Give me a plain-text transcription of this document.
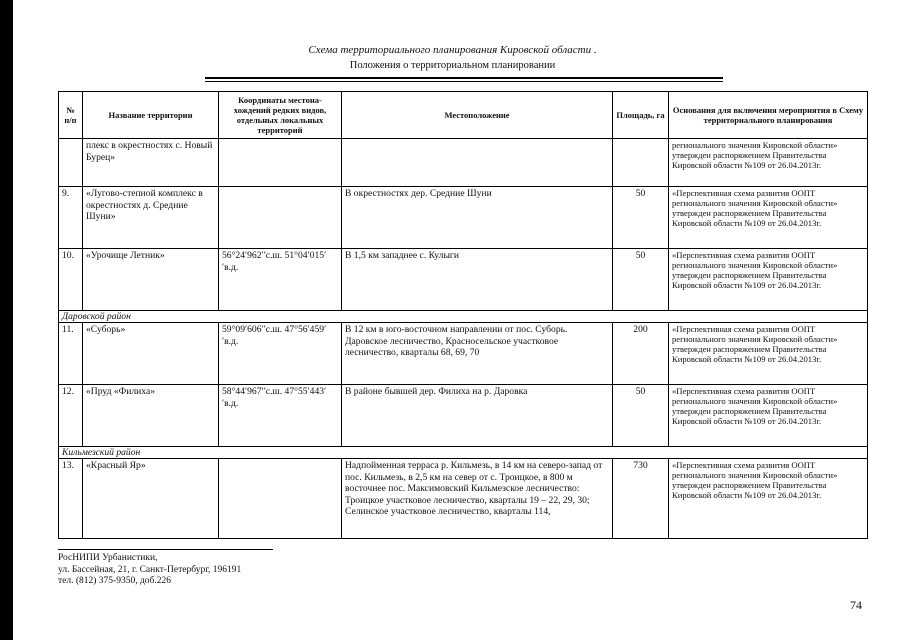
Схема территориального планирования Кировской области .
Положения о территориальном планировании
№ п/п	Название территории	Координаты местона-хождений редких видов, отдельных локальных территорий	Местоположение	Площадь, га	Основания для включения мероприятия в Схему территориального планирования
	плекс в окрестностях с. Новый Бурец»				регионального значения Кировской области» утвержден распоряжением Правительства Кировской области №109 от 26.04.2013г.
9.	«Лугово-степной комплекс в окрестностях д. Средние Шуни»		В окрестностях дер. Средние Шуни	50	«Перспективная схема развития ООПТ регионального значения Кировской области» утвержден распоряжением Правительства Кировской области №109 от 26.04.2013г.
10.	«Урочище Летник»	56°24′962′′с.ш. 51°04′015′′в.д.	В 1,5 км западнее с. Кулыги	50	«Перспективная схема развития ООПТ регионального значения Кировской области» утвержден распоряжением Правительства Кировской области №109 от 26.04.2013г.
Даровской район					
11.	«Суборь»	59°09′606′′с.ш. 47°56′459′′в.д.	В 12 км в юго-восточном направлении от пос. Суборь. Даровское лесничество, Красносельское участковое лесничество, кварталы 68, 69, 70	200	«Перспективная схема развития ООПТ регионального значения Кировской области» утвержден распоряжением Правительства Кировской области №109 от 26.04.2013г.
12.	«Пруд «Филиха»	58°44′967′′с.ш. 47°55′443′′в.д.	В районе бывшей дер. Филиха на р. Даровка	50	«Перспективная схема развития ООПТ регионального значения Кировской области» утвержден распоряжением Правительства Кировской области №109 от 26.04.2013г.
Кильмезский район					
13.	«Красный Яр»		Надпойменная терраса р. Кильмезь, в 14 км на северо-запад от пос. Кильмезь, в 2,5 км на север от с. Троицкое, в 800 м восточнее пос. Максимовский Кильмезское лесничество: Троицкое участковое лесничество, кварталы 19 – 22, 29, 30; Селинское участковое лесничество, кварталы 114,	730	«Перспективная схема развития ООПТ регионального значения Кировской области» утвержден распоряжением Правительства Кировской области №109 от 26.04.2013г.
РосНИПИ Урбанистики,
ул. Бассейная, 21, г. Санкт-Петербург, 196191
тел. (812) 375-9350, доб.226
74
